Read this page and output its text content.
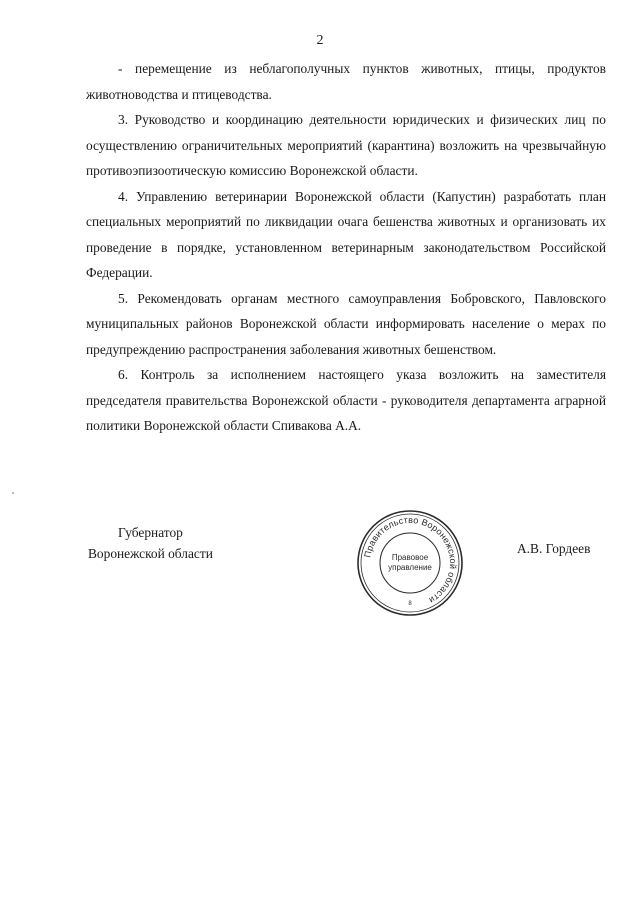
2

- перемещение из неблагополучных пунктов животных, птицы, продуктов животноводства и птицеводства.

3. Руководство и координацию деятельности юридических и физических лиц по осуществлению ограничительных мероприятий (карантина) возложить на чрезвычайную противоэпизоотическую комиссию Воронежской области.

4. Управлению ветеринарии Воронежской области (Капустин) разработать план специальных мероприятий по ликвидации очага бешенства животных и организовать их проведение в порядке, установленном ветеринарным законодательством Российской Федерации.

5. Рекомендовать органам местного самоуправления Бобровского, Павловского муниципальных районов Воронежской области информировать население о мерах по предупреждению распространения заболевания животных бешенством.

6. Контроль за исполнением настоящего указа возложить на заместителя председателя правительства Воронежской области - руководителя департамента аграрной политики Воронежской области Спивакова А.А.

Губернатор
Воронежской области	Правительство Воронежской области
Правовое
управление
8
А.В. Гордеев
